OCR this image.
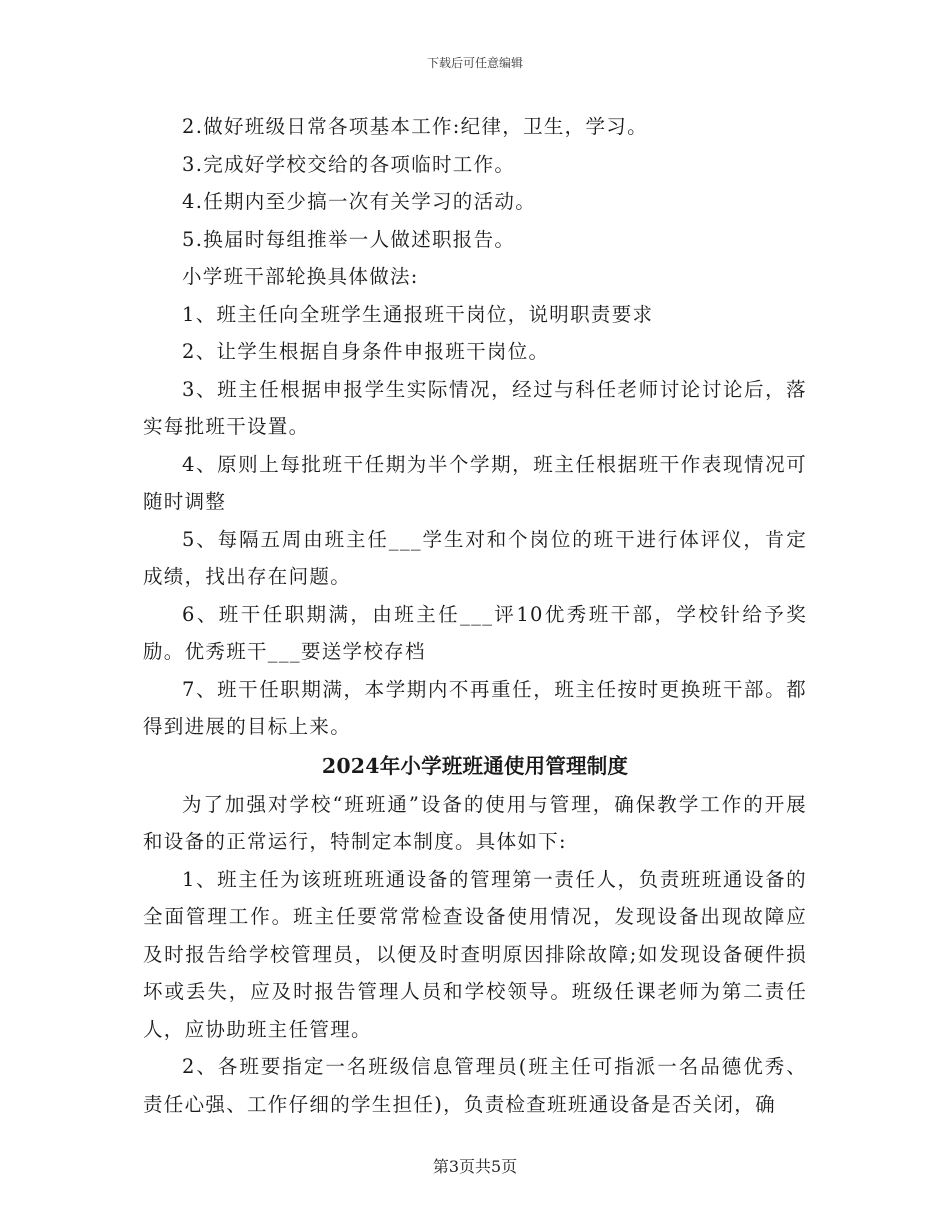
下载后可任意编辑

2.做好班级日常各项基本工作:纪律，卫生，学习。

3.完成好学校交给的各项临时工作。

4.任期内至少搞一次有关学习的活动。

5.换届时每组推举一人做述职报告。

小学班干部轮换具体做法:

1、班主任向全班学生通报班干岗位，说明职责要求

2、让学生根据自身条件申报班干岗位。

3、班主任根据申报学生实际情况，经过与科任老师讨论讨论后，落实每批班干设置。

4、原则上每批班干任期为半个学期，班主任根据班干作表现情况可随时调整

5、每隔五周由班主任___学生对和个岗位的班干进行体评仪，肯定成绩，找出存在问题。

6、班干任职期满，由班主任___评10优秀班干部，学校针给予奖励。优秀班干___要送学校存档

7、班干任职期满，本学期内不再重任，班主任按时更换班干部。都得到进展的目标上来。

2024年小学班班通使用管理制度

为了加强对学校“班班通”设备的使用与管理，确保教学工作的开展和设备的正常运行，特制定本制度。具体如下:

1、班主任为该班班班通设备的管理第一责任人，负责班班通设备的全面管理工作。班主任要常常检查设备使用情况，发现设备出现故障应及时报告给学校管理员，以便及时查明原因排除故障;如发现设备硬件损坏或丢失，应及时报告管理人员和学校领导。班级任课老师为第二责任人，应协助班主任管理。

2、各班要指定一名班级信息管理员(班主任可指派一名品德优秀、责任心强、工作仔细的学生担任)，负责检查班班通设备是否关闭，确

第3页共5页
